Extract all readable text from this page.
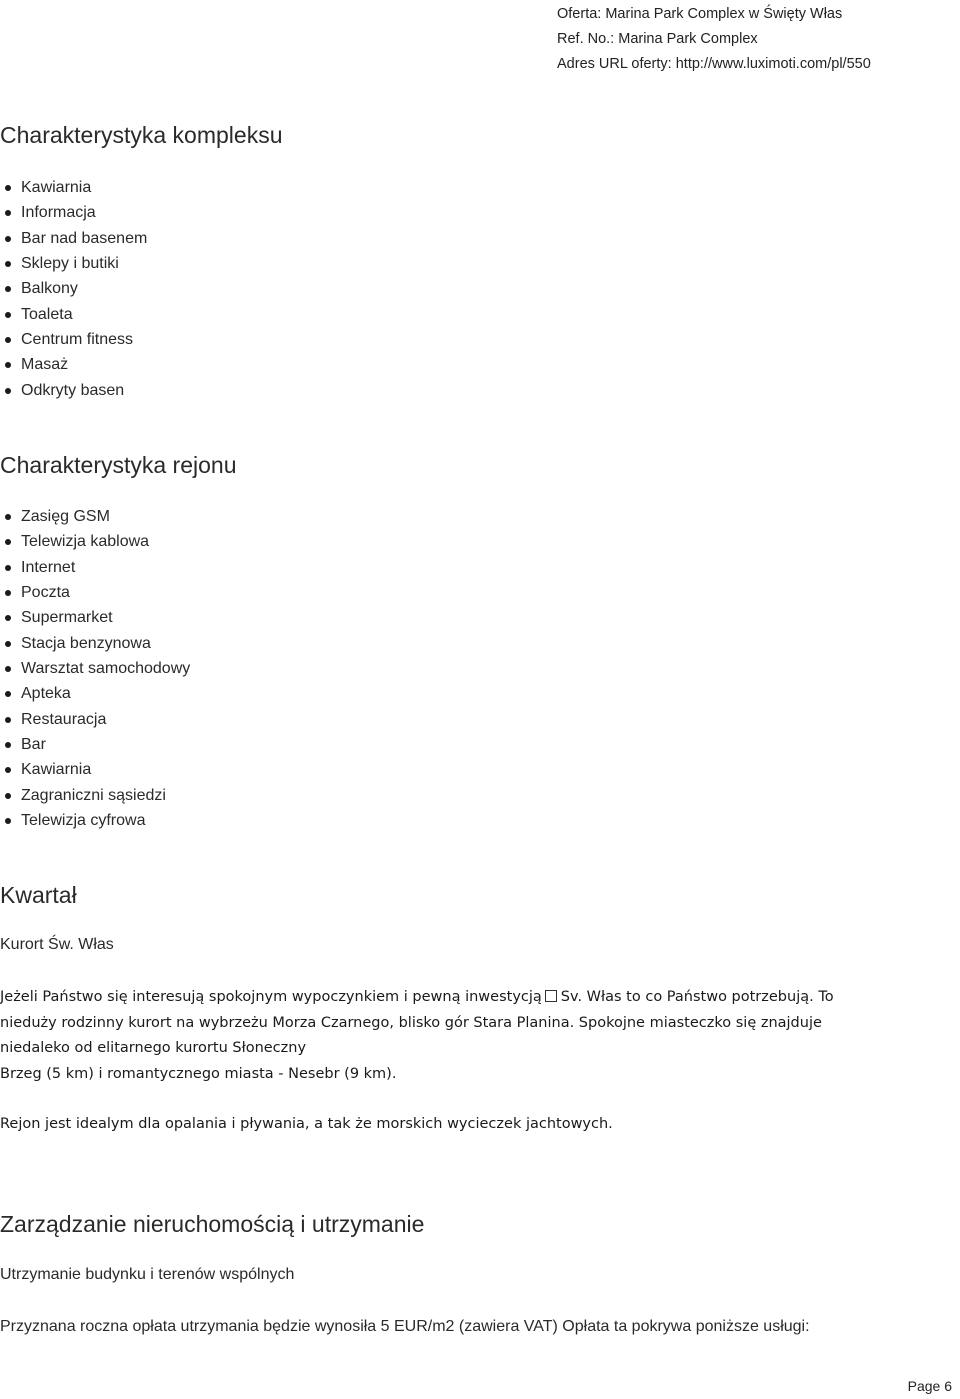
Oferta: Marina Park Complex w Święty Włas
Ref. No.: Marina Park Complex
Adres URL oferty: http://www.luximoti.com/pl/550
Charakterystyka kompleksu
Kawiarnia
Informacja
Bar nad basenem
Sklepy i butiki
Balkony
Toaleta
Centrum fitness
Masaż
Odkryty basen
Charakterystyka rejonu
Zasięg GSM
Telewizja kablowa
Internet
Poczta
Supermarket
Stacja benzynowa
Warsztat samochodowy
Apteka
Restauracja
Bar
Kawiarnia
Zagraniczni sąsiedzi
Telewizja cyfrowa
Kwartał
Kurort Św. Włas
Jeżeli Państwo się interesują spokojnym wypoczynkiem i pewną inwestycją Sv. Włas to co Państwo potrzebują. To
nieduży rodzinny kurort na wybrzeżu Morza Czarnego, blisko gór Stara Planina. Spokojne miasteczko się znajduje
niedaleko od elitarnego kurortu Słoneczny
Brzeg (5 km) i romantycznego miasta - Nesebr (9 km).
Rejon jest idealym dla opalania i pływania, a tak że morskich wycieczek jachtowych.
Zarządzanie nieruchomością i utrzymanie
Utrzymanie budynku i terenów wspólnych
Przyznana roczna opłata utrzymania będzie wynosiła 5 EUR/m2 (zawiera VAT) Opłata ta pokrywa poniższe usługi:
Page 6
